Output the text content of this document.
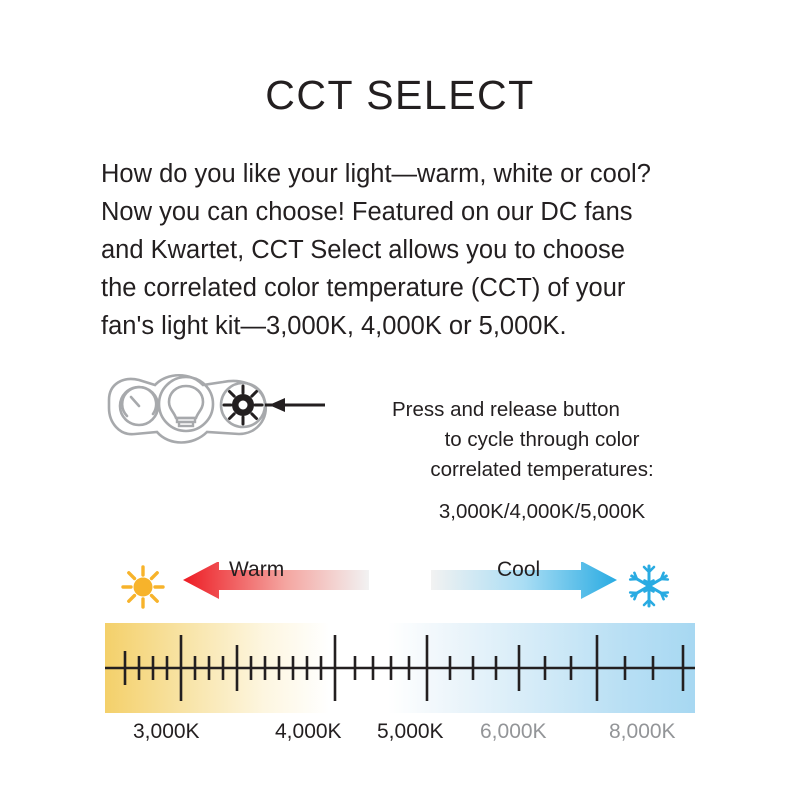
CCT SELECT
How do you like your light—warm, white or cool?
Now you can choose! Featured on our DC fans
and Kwartet, CCT Select allows you to choose
the correlated color temperature (CCT) of your
fan's light kit—3,000K, 4,000K or 5,000K.
Press and release button
to cycle through color
correlated temperatures:
3,000K/4,000K/5,000K
Warm	Cool
3,000K	4,000K 5,000K 6,000K	8,000K
